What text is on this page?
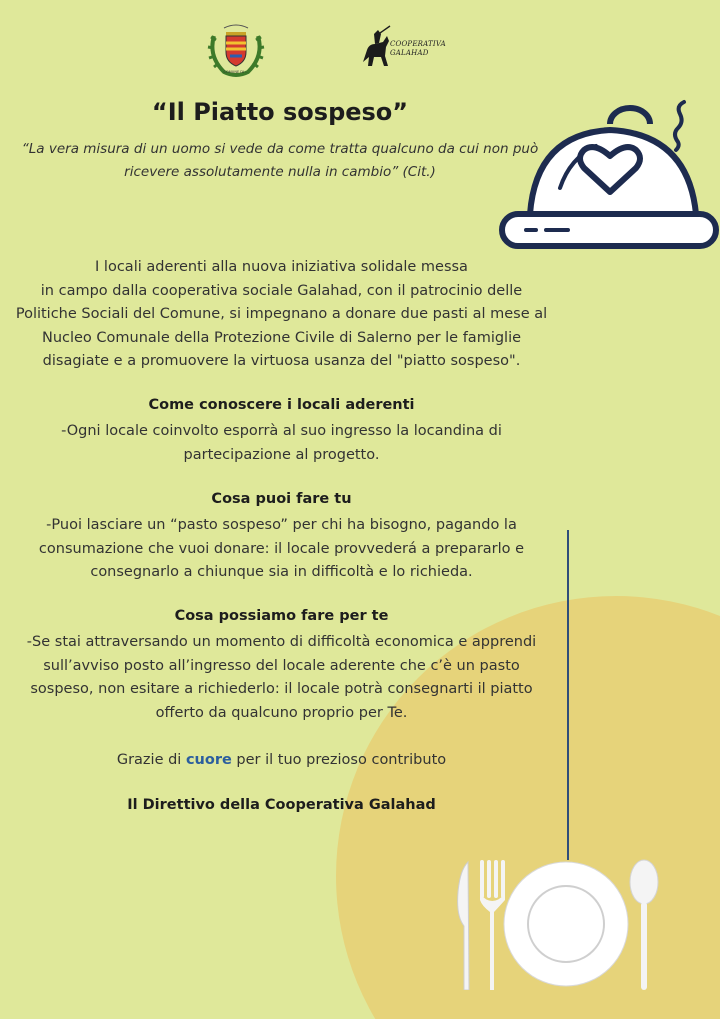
COMUNE DI ...
COOPERATIVA
GALAHAD
“Il Piatto sospeso”

“La vera misura di un uomo si vede da come tratta qualcuno da cui non può ricevere assolutamente nulla in cambio” (Cit.)

I locali aderenti alla nuova iniziativa solidale messa
in campo dalla cooperativa sociale Galahad, con il patrocinio delle
Politiche Sociali del Comune, si impegnano a donare due pasti al mese al
Nucleo Comunale della Protezione Civile di Salerno per le famiglie
disagiate e a promuovere la virtuosa usanza del "piatto sospeso".

Come conoscere i locali aderenti

-Ogni locale coinvolto esporrà al suo ingresso la locandina di
partecipazione al progetto.

Cosa puoi fare tu

-Puoi lasciare un “pasto sospeso” per chi ha bisogno, pagando la
consumazione che vuoi donare: il locale provvederá a prepararlo e
consegnarlo a chiunque sia in difficoltà e lo richieda.

Cosa possiamo fare per te

-Se stai attraversando un momento di difficoltà economica e apprendi
sull’avviso posto all’ingresso del locale aderente che c’è un pasto
sospeso, non esitare a richiederlo: il locale potrà consegnarti il piatto
offerto da qualcuno proprio per Te.

Grazie di cuore per il tuo prezioso contributo

Il Direttivo della Cooperativa Galahad
